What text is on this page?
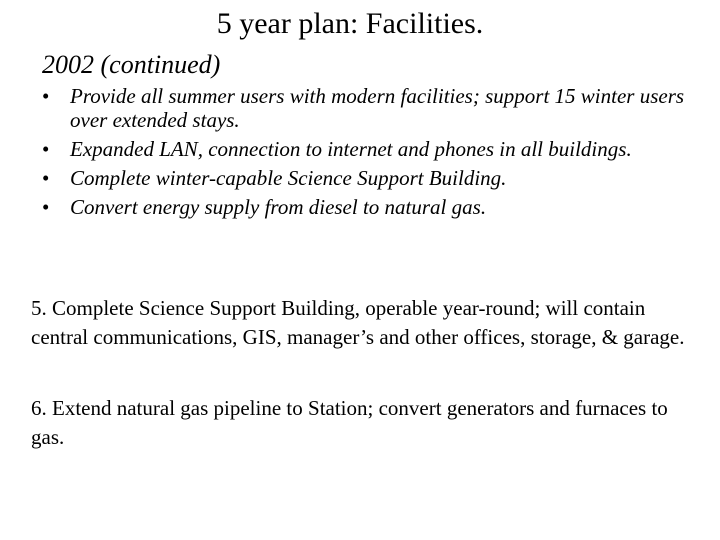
5 year plan: Facilities.
2002 (continued)
• Provide all summer users with modern facilities; support 15 winter users over extended stays.
• Expanded LAN, connection to internet and phones in all buildings.
• Complete winter-capable Science Support Building.
• Convert energy supply from diesel to natural gas.

5. Complete Science Support Building, operable year-round; will contain central communications, GIS, manager’s and other offices, storage, & garage.

6. Extend natural gas pipeline to Station; convert generators and furnaces to gas.
